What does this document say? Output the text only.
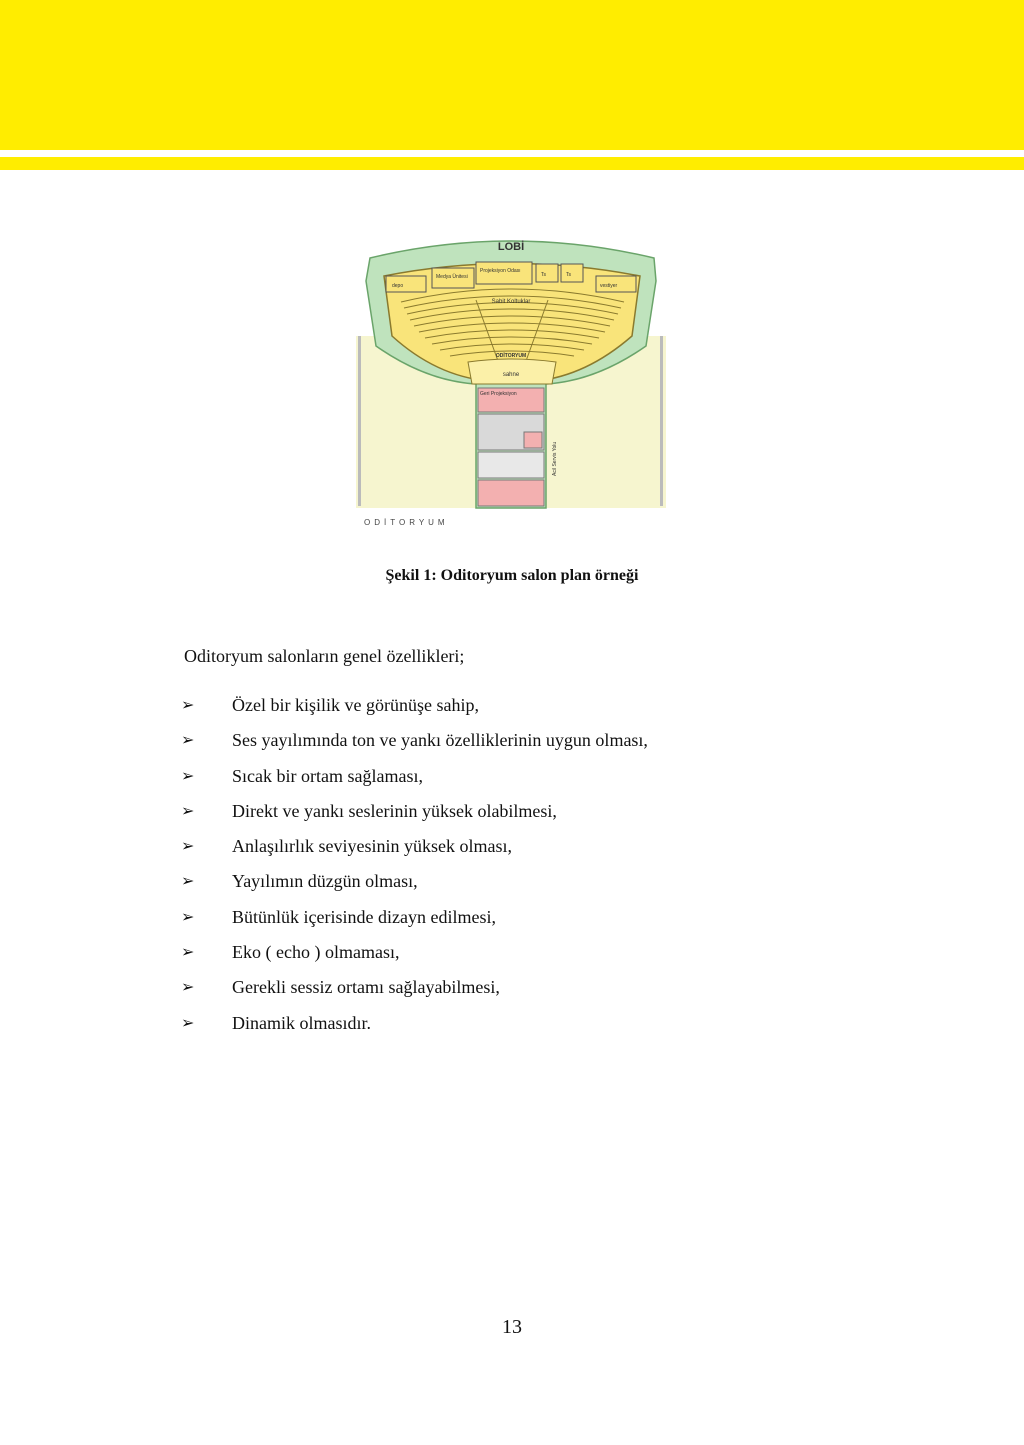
LOBİ
depo
Medya Ünitesi
Projeksiyon Odası
Ts	Ts
vestiyer
Sabit Koltuklar
ODİTORYUM
sahne
Geri Projeksiyon
Acil Servis Yolu
ODİTORYUM
Şekil 1: Oditoryum salon plan örneği
Oditoryum salonların genel özellikleri;
➢ Özel bir kişilik ve görünüşe sahip,
➢ Ses yayılımında ton ve yankı özelliklerinin uygun olması,
➢ Sıcak bir ortam sağlaması,
➢ Direkt ve yankı seslerinin yüksek olabilmesi,
➢ Anlaşılırlık seviyesinin yüksek olması,
➢ Yayılımın düzgün olması,
➢ Bütünlük içerisinde dizayn edilmesi,
➢ Eko ( echo ) olmaması,
➢ Gerekli sessiz ortamı sağlayabilmesi,
➢ Dinamik olmasıdır.
13
